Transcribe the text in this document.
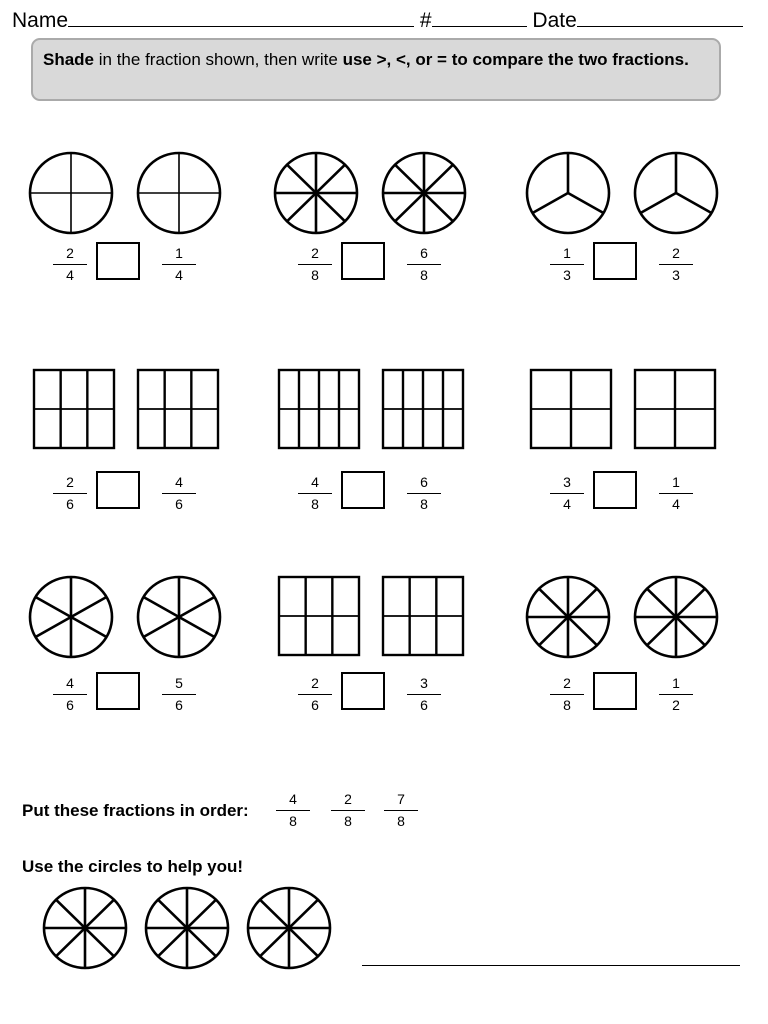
Name	#	Date
Shade in the fraction shown, then write use >, <, or = to compare the two fractions.
$\frac{2}{4}$	$\frac{1}{4}$	$\frac{2}{8}$	$\frac{6}{8}$	$\frac{1}{3}$	$\frac{2}{3}$
$\frac{2}{6}$	$\frac{4}{6}$	$\frac{4}{8}$	$\frac{6}{8}$	$\frac{3}{4}$	$\frac{1}{4}$
$\frac{4}{6}$	$\frac{5}{6}$	$\frac{2}{6}$	$\frac{3}{6}$	$\frac{2}{8}$	$\frac{1}{2}$
Put these fractions in order: $\frac{4}{8} \frac{2}{8} \frac{7}{8}$
Use the circles to help you!
